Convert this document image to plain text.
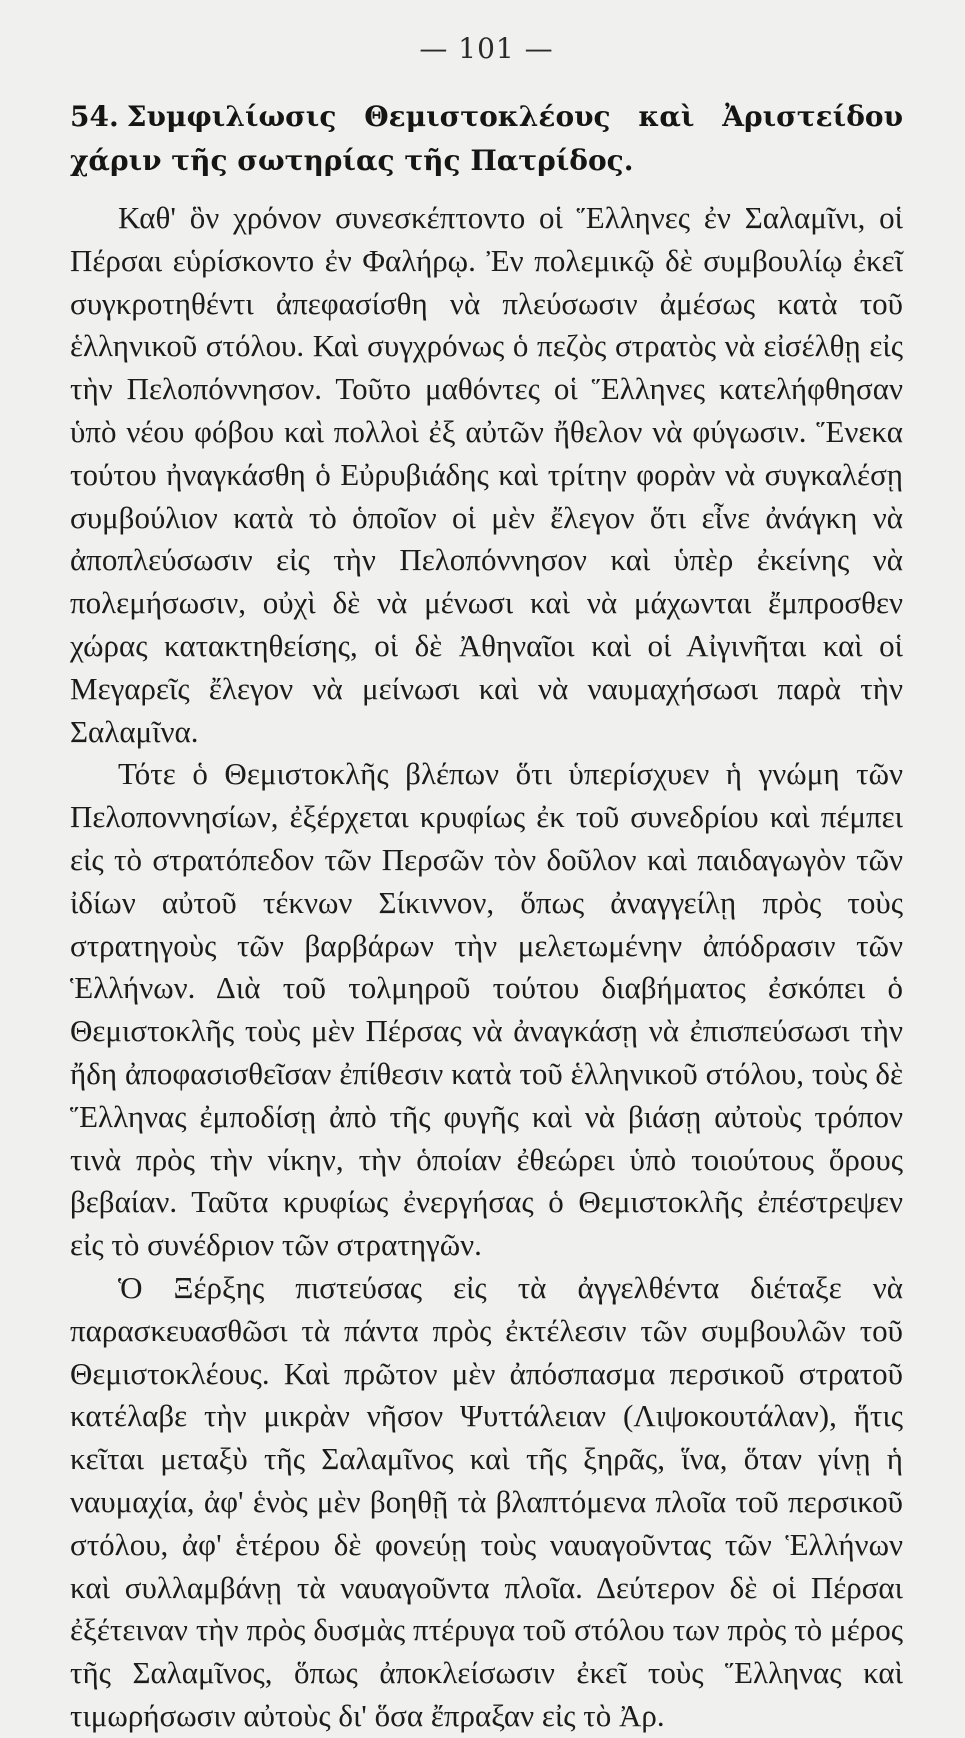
— 101 —
54. Συμφιλίωσις Θεμιστοκλέους καὶ Ἀριστείδου χάριν τῆς σωτηρίας τῆς Πατρίδος.

Καθ' ὃν χρόνον συνεσκέπτοντο οἱ Ἕλληνες ἐν Σαλαμῖνι, οἱ Πέρσαι εὑρίσκοντο ἐν Φαλήρῳ. Ἐν πολεμικῷ δὲ συμβουλίῳ ἐκεῖ συγκροτηθέντι ἀπεφασίσθη νὰ πλεύσωσιν ἀμέσως κατὰ τοῦ ἑλληνικοῦ στόλου. Καὶ συγχρόνως ὁ πεζὸς στρατὸς νὰ εἰσέλθῃ εἰς τὴν Πελοπόννησον. Τοῦτο μαθόντες οἱ Ἕλληνες κατελήφθησαν ὑπὸ νέου φόβου καὶ πολλοὶ ἐξ αὐτῶν ἤθελον νὰ φύγωσιν. Ἕνεκα τούτου ἠναγκάσθη ὁ Εὐρυβιάδης καὶ τρίτην φορὰν νὰ συγκαλέσῃ συμβούλιον κατὰ τὸ ὁποῖον οἱ μὲν ἔλεγον ὅτι εἶνε ἀνάγκη νὰ ἀποπλεύσωσιν εἰς τὴν Πελοπόννησον καὶ ὑπὲρ ἐκείνης νὰ πολεμήσωσιν, οὐχὶ δὲ νὰ μένωσι καὶ νὰ μάχωνται ἔμπροσθεν χώρας κατακτηθείσης, οἱ δὲ Ἀθηναῖοι καὶ οἱ Αἰγινῆται καὶ οἱ Μεγαρεῖς ἔλεγον νὰ μείνωσι καὶ νὰ ναυμαχήσωσι παρὰ τὴν Σαλαμῖνα.

Τότε ὁ Θεμιστοκλῆς βλέπων ὅτι ὑπερίσχυεν ἡ γνώμη τῶν Πελοποννησίων, ἐξέρχεται κρυφίως ἐκ τοῦ συνεδρίου καὶ πέμπει εἰς τὸ στρατόπεδον τῶν Περσῶν τὸν δοῦλον καὶ παιδαγωγὸν τῶν ἰδίων αὐτοῦ τέκνων Σίκιννον, ὅπως ἀναγγείλῃ πρὸς τοὺς στρατηγοὺς τῶν βαρβάρων τὴν μελετωμένην ἀπόδρασιν τῶν Ἑλλήνων. Διὰ τοῦ τολμηροῦ τούτου διαβήματος ἐσκόπει ὁ Θεμιστοκλῆς τοὺς μὲν Πέρσας νὰ ἀναγκάσῃ νὰ ἐπισπεύσωσι τὴν ἤδη ἀποφασισθεῖσαν ἐπίθεσιν κατὰ τοῦ ἑλληνικοῦ στόλου, τοὺς δὲ Ἕλληνας ἐμποδίσῃ ἀπὸ τῆς φυγῆς καὶ νὰ βιάσῃ αὐτοὺς τρόπον τινὰ πρὸς τὴν νίκην, τὴν ὁποίαν ἐθεώρει ὑπὸ τοιούτους ὅρους βεβαίαν. Ταῦτα κρυφίως ἐνεργήσας ὁ Θεμιστοκλῆς ἐπέστρεψεν εἰς τὸ συνέδριον τῶν στρατηγῶν.

Ὁ Ξέρξης πιστεύσας εἰς τὰ ἀγγελθέντα διέταξε νὰ παρασκευασθῶσι τὰ πάντα πρὸς ἐκτέλεσιν τῶν συμβουλῶν τοῦ Θεμιστοκλέους. Καὶ πρῶτον μὲν ἀπόσπασμα περσικοῦ στρατοῦ κατέλαβε τὴν μικρὰν νῆσον Ψυττάλειαν (Λιψοκουτάλαν), ἥτις κεῖται μεταξὺ τῆς Σαλαμῖνος καὶ τῆς ξηρᾶς, ἵνα, ὅταν γίνῃ ἡ ναυμαχία, ἀφ' ἑνὸς μὲν βοηθῇ τὰ βλαπτόμενα πλοῖα τοῦ περσικοῦ στόλου, ἀφ' ἑτέρου δὲ φονεύῃ τοὺς ναυαγοῦντας τῶν Ἑλλήνων καὶ συλλαμβάνῃ τὰ ναυαγοῦντα πλοῖα. Δεύτερον δὲ οἱ Πέρσαι ἐξέτειναν τὴν πρὸς δυσμὰς πτέρυγα τοῦ στόλου των πρὸς τὸ μέρος τῆς Σαλαμῖνος, ὅπως ἀποκλείσωσιν ἐκεῖ τοὺς Ἕλληνας καὶ τιμωρήσωσιν αὐτοὺς δι' ὅσα ἔπραξαν εἰς τὸ Ἀρ.
